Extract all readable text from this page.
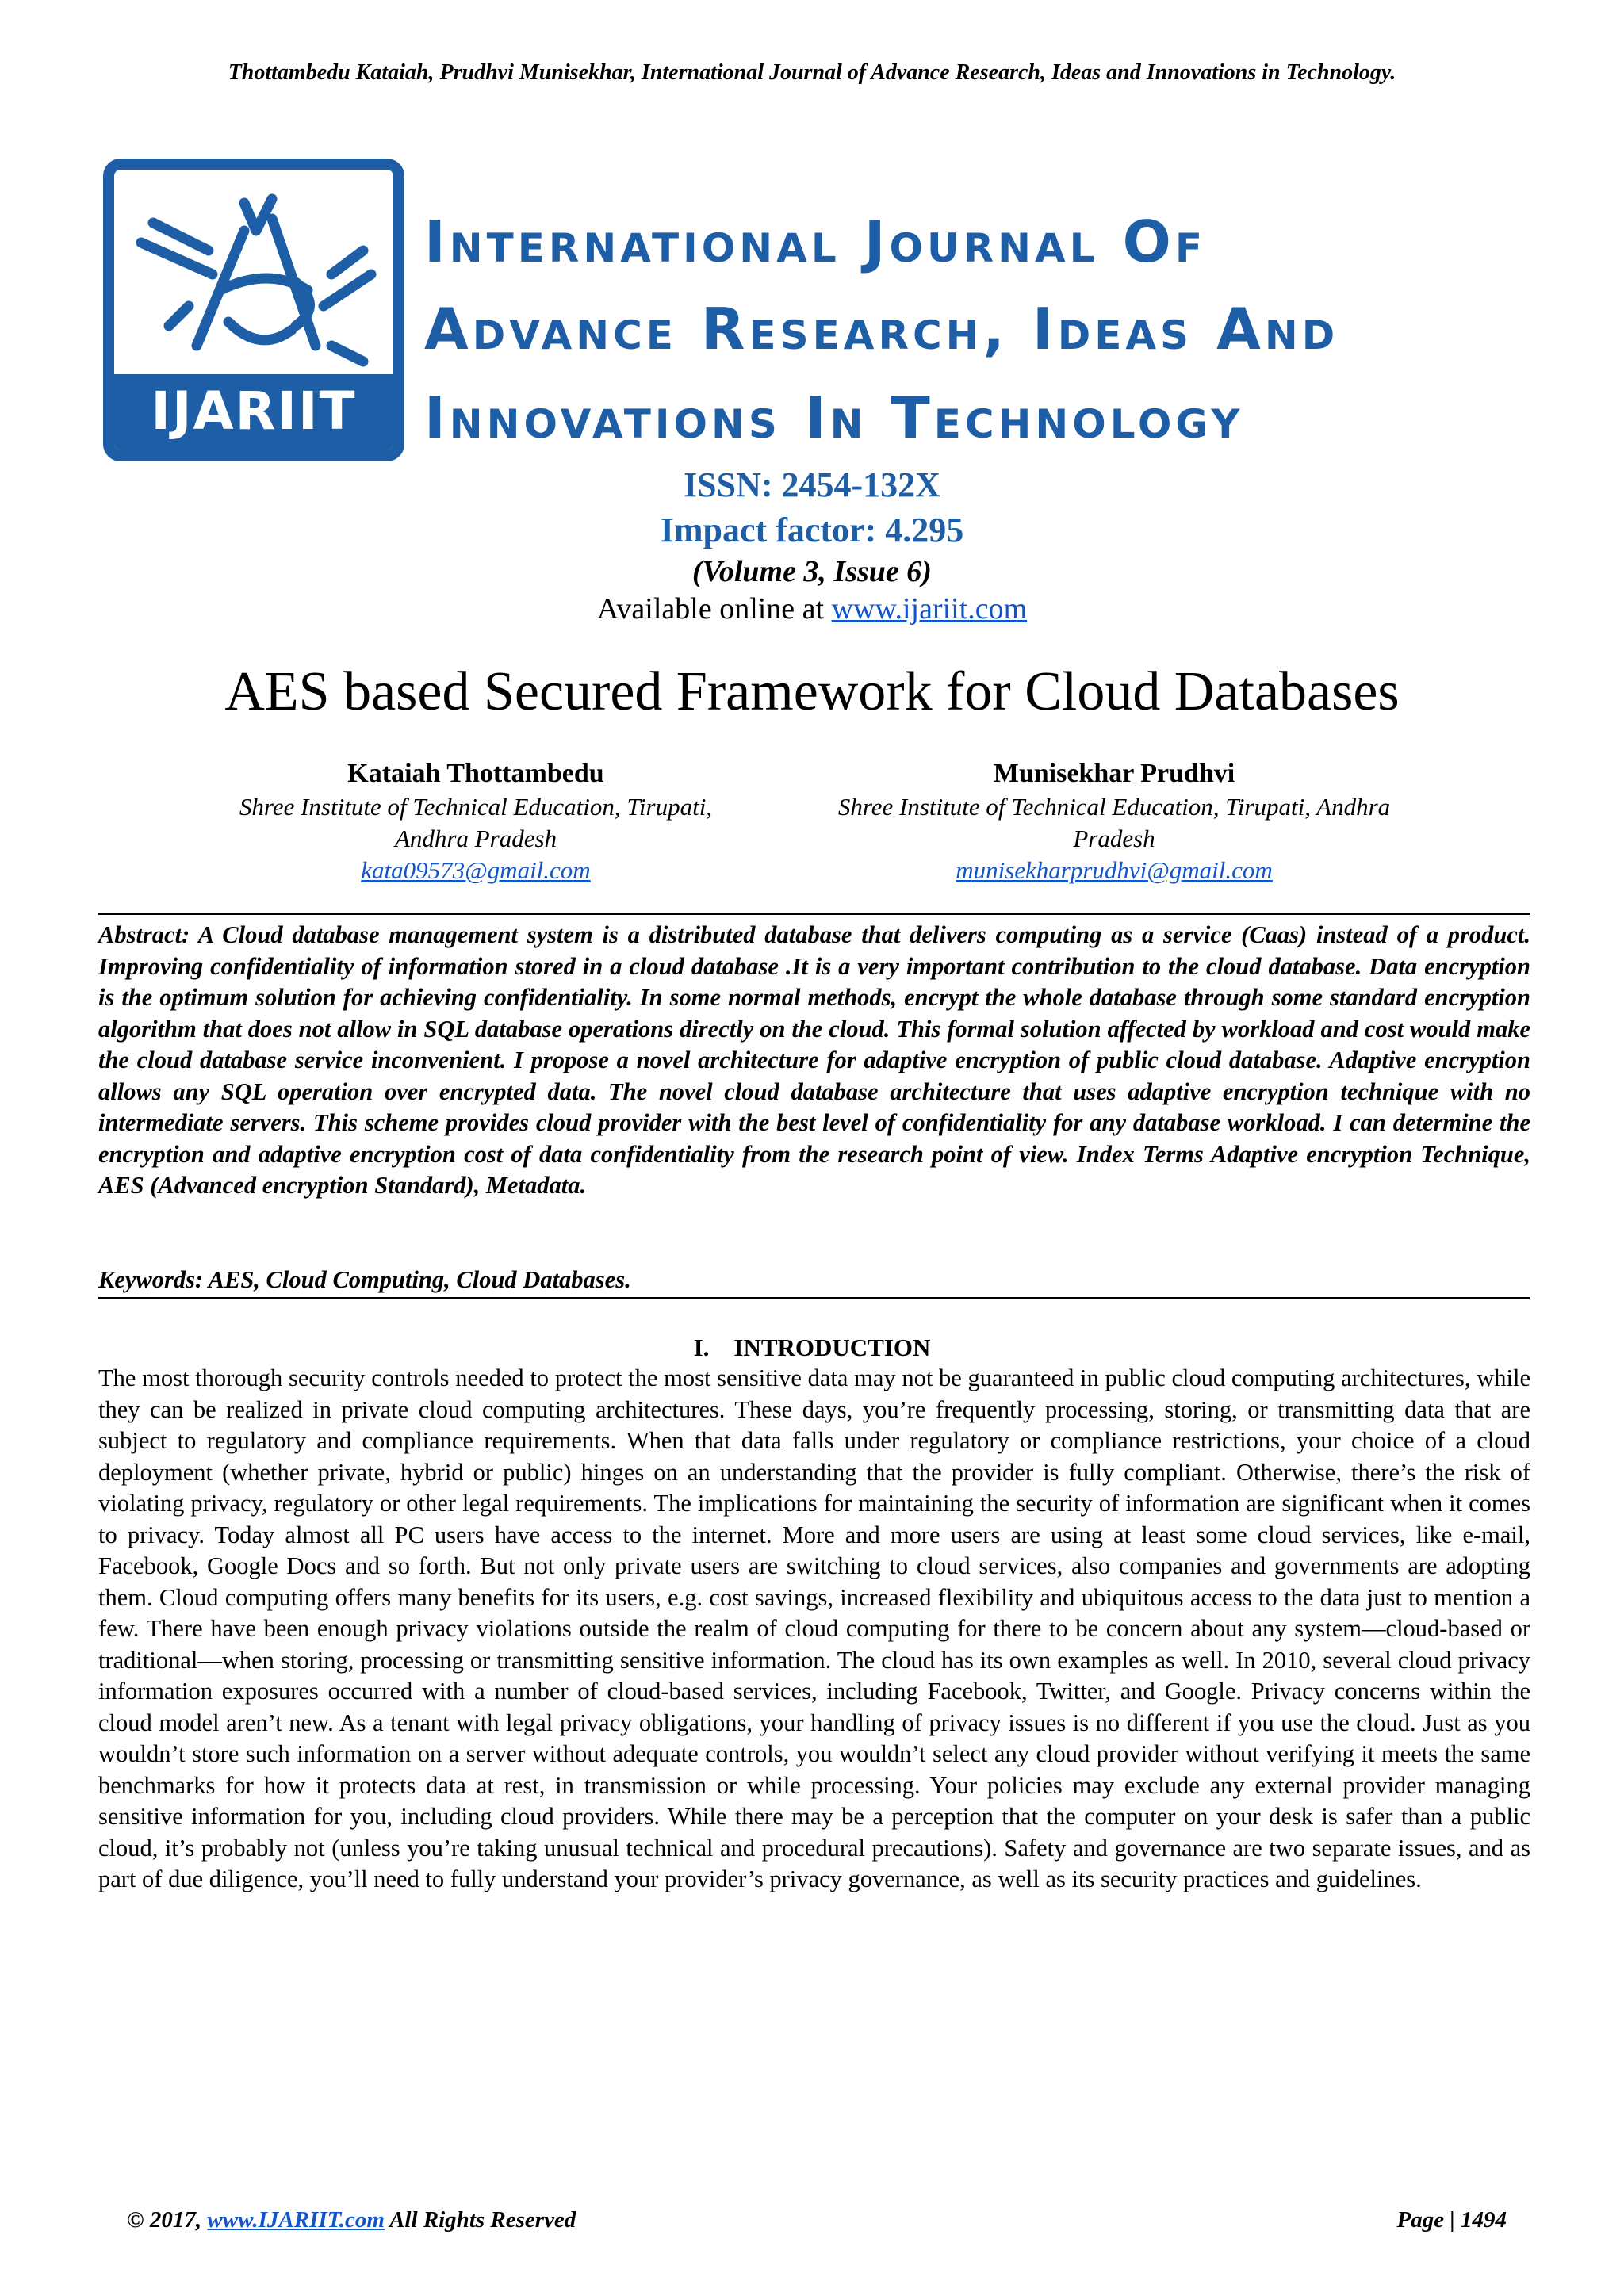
Thottambedu Kataiah, Prudhvi Munisekhar, International Journal of Advance Research, Ideas and Innovations in Technology.
IJARIIT
International Journal Of
Advance Research, Ideas And
Innovations In Technology
ISSN: 2454-132X
Impact factor: 4.295
(Volume 3, Issue 6)
Available online at www.ijariit.com
AES based Secured Framework for Cloud Databases
Kataiah Thottambedu
Shree Institute of Technical Education, Tirupati,
Andhra Pradesh
kata09573@gmail.com
Munisekhar Prudhvi
Shree Institute of Technical Education, Tirupati, Andhra
Pradesh
munisekharprudhvi@gmail.com
Abstract: A Cloud database management system is a distributed database that delivers computing as a service (Caas) instead of a product. Improving confidentiality of information stored in a cloud database .It is a very important contribution to the cloud database. Data encryption is the optimum solution for achieving confidentiality. In some normal methods, encrypt the whole database through some standard encryption algorithm that does not allow in SQL database operations directly on the cloud. This formal solution affected by workload and cost would make the cloud database service inconvenient. I propose a novel architecture for adaptive encryption of public cloud database. Adaptive encryption allows any SQL operation over encrypted data. The novel cloud database architecture that uses adaptive encryption technique with no intermediate servers. This scheme provides cloud provider with the best level of confidentiality for any database workload. I can determine the encryption and adaptive encryption cost of data confidentiality from the research point of view. Index Terms Adaptive encryption Technique, AES (Advanced encryption Standard), Metadata.
Keywords: AES, Cloud Computing, Cloud Databases.
I.    INTRODUCTION
The most thorough security controls needed to protect the most sensitive data may not be guaranteed in public cloud computing architectures, while they can be realized in private cloud computing architectures. These days, you’re frequently processing, storing, or transmitting data that are subject to regulatory and compliance requirements. When that data falls under regulatory or compliance restrictions, your choice of a cloud deployment (whether private, hybrid or public) hinges on an understanding that the provider is fully compliant. Otherwise, there’s the risk of violating privacy, regulatory or other legal requirements. The implications for maintaining the security of information are significant when it comes to privacy. Today almost all PC users have access to the internet. More and more users are using at least some cloud services, like e-mail, Facebook, Google Docs and so forth. But not only private users are switching to cloud services, also companies and governments are adopting them. Cloud computing offers many benefits for its users, e.g. cost savings, increased flexibility and ubiquitous access to the data just to mention a few. There have been enough privacy violations outside the realm of cloud computing for there to be concern about any system—cloud-based or traditional—when storing, processing or transmitting sensitive information. The cloud has its own examples as well. In 2010, several cloud privacy information exposures occurred with a number of cloud-based services, including Facebook, Twitter, and Google. Privacy concerns within the cloud model aren’t new. As a tenant with legal privacy obligations, your handling of privacy issues is no different if you use the cloud. Just as you wouldn’t store such information on a server without adequate controls, you wouldn’t select any cloud provider without verifying it meets the same benchmarks for how it protects data at rest, in transmission or while processing. Your policies may exclude any external provider managing sensitive information for you, including cloud providers. While there may be a perception that the computer on your desk is safer than a public cloud, it’s probably not (unless you’re taking unusual technical and procedural precautions). Safety and governance are two separate issues, and as part of due diligence, you’ll need to fully understand your provider’s privacy governance, as well as its security practices and guidelines.
© 2017, www.IJARIIT.com All Rights Reserved	Page | 1494
